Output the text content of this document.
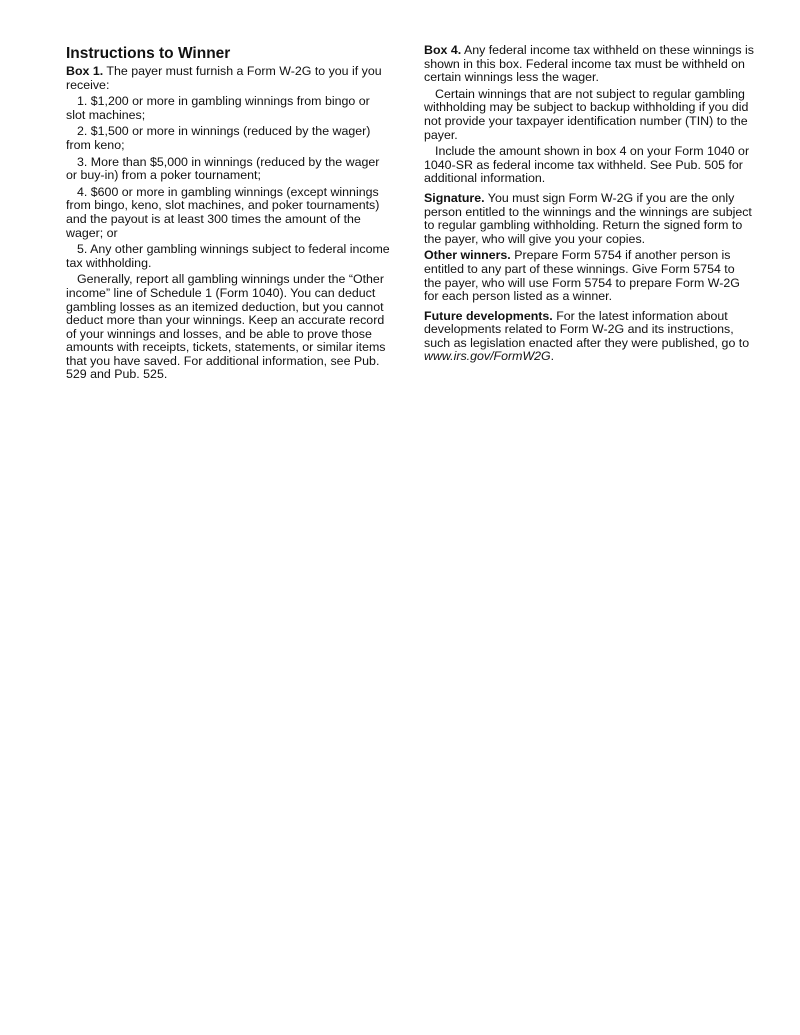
Instructions to Winner

Box 1. The payer must furnish a Form W-2G to you if you receive:

1. $1,200 or more in gambling winnings from bingo or slot machines;

2. $1,500 or more in winnings (reduced by the wager) from keno;

3. More than $5,000 in winnings (reduced by the wager or buy-in) from a poker tournament;

4. $600 or more in gambling winnings (except winnings from bingo, keno, slot machines, and poker tournaments) and the payout is at least 300 times the amount of the wager; or

5. Any other gambling winnings subject to federal income tax withholding.

Generally, report all gambling winnings under the “Other income” line of Schedule 1 (Form 1040). You can deduct gambling losses as an itemized deduction, but you cannot deduct more than your winnings. Keep an accurate record of your winnings and losses, and be able to prove those amounts with receipts, tickets, statements, or similar items that you have saved. For additional information, see Pub. 529 and Pub. 525.

Box 4. Any federal income tax withheld on these winnings is shown in this box. Federal income tax must be withheld on certain winnings less the wager.

Certain winnings that are not subject to regular gambling withholding may be subject to backup withholding if you did not provide your taxpayer identification number (TIN) to the payer.

Include the amount shown in box 4 on your Form 1040 or 1040-SR as federal income tax withheld. See Pub. 505 for additional information.

Signature. You must sign Form W-2G if you are the only person entitled to the winnings and the winnings are subject to regular gambling withholding. Return the signed form to the payer, who will give you your copies.

Other winners. Prepare Form 5754 if another person is entitled to any part of these winnings. Give Form 5754 to the payer, who will use Form 5754 to prepare Form W-2G for each person listed as a winner.

Future developments. For the latest information about developments related to Form W-2G and its instructions, such as legislation enacted after they were published, go to www.irs.gov/FormW2G.
